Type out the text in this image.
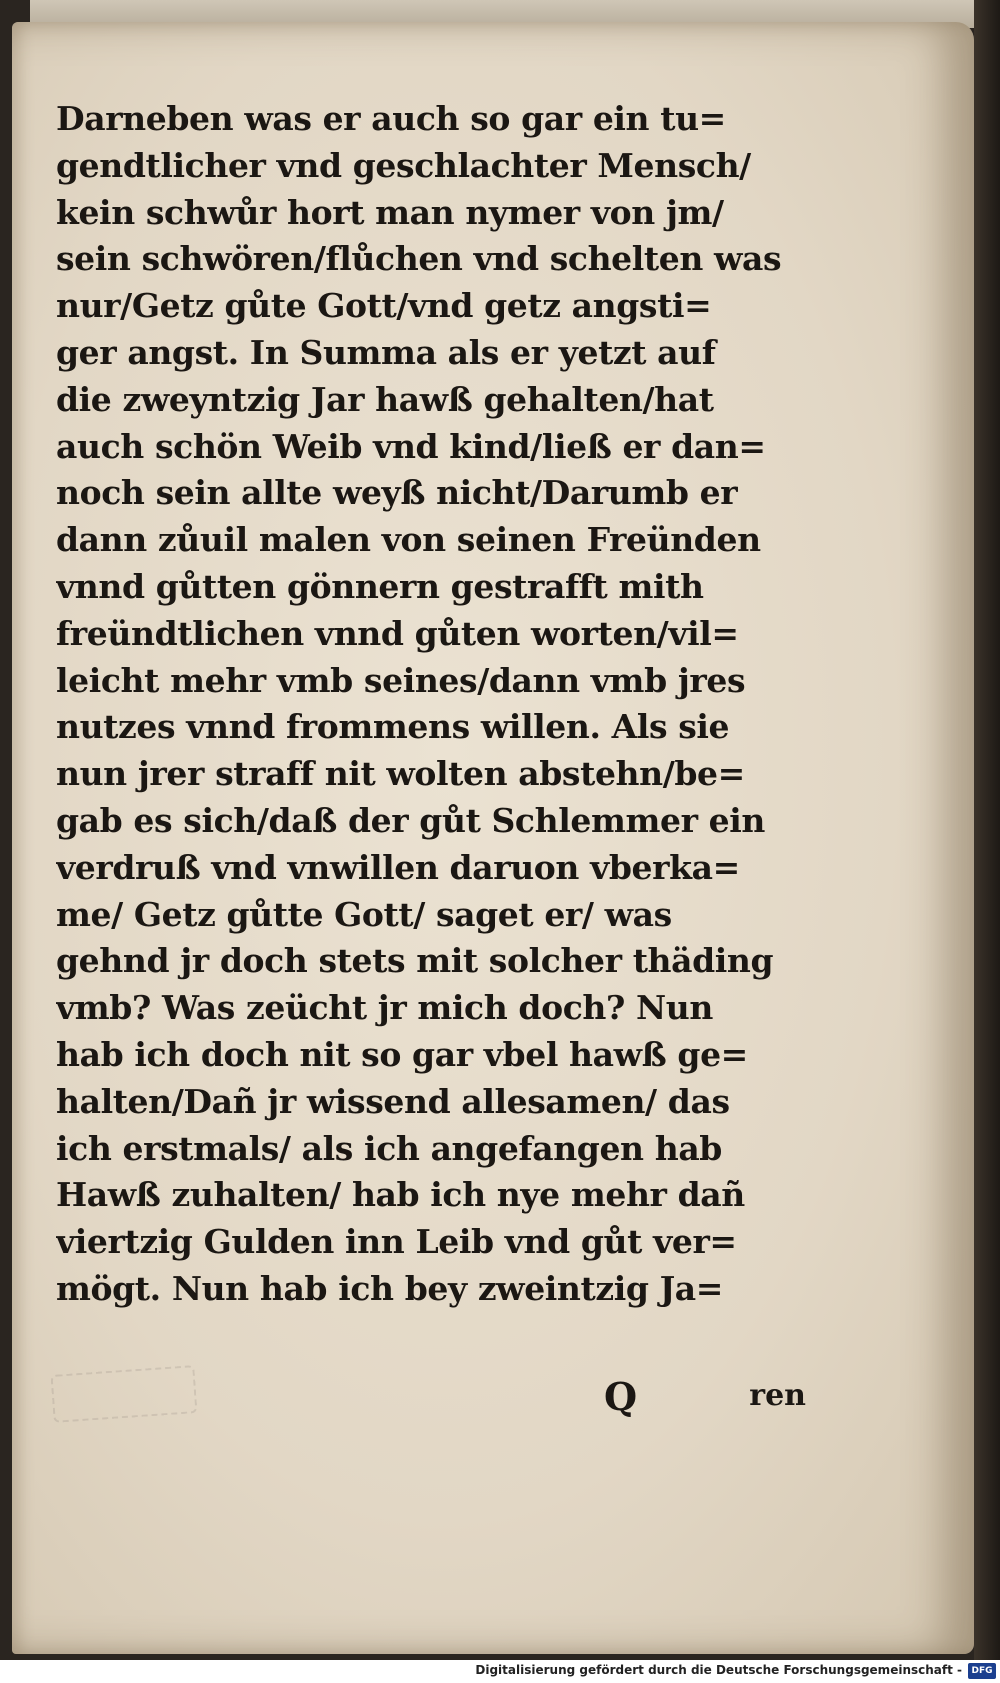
Darneben was er auch so gar ein tu=
gendtlicher vnd geschlachter Mensch/
kein schwůr hort man nymer von jm/
sein schwören/flůchen vnd schelten was
nur/Getz gůte Gott/vnd getz angsti=
ger angst. In Summa als er yetzt auf
die zweyntzig Jar hawß gehalten/hat
auch schön Weib vnd kind/ließ er dan=
noch sein allte weyß nicht/Darumb er
dann zůuil malen von seinen Freünden
vnnd gůtten gönnern gestrafft mith
freündtlichen vnnd gůten worten/vil=
leicht mehr vmb seines/dann vmb jres
nutzes vnnd frommens willen. Als sie
nun jrer straff nit wolten abstehn/be=
gab es sich/daß der gůt Schlemmer ein
verdruß vnd vnwillen daruon vberka=
me/ Getz gůtte Gott/ saget er/ was
gehnd jr doch stets mit solcher thäding
vmb? Was zeücht jr mich doch? Nun
hab ich doch nit so gar vbel hawß ge=
halten/Dañ jr wissend allesamen/ das
ich erstmals/ als ich angefangen hab
Hawß zuhalten/ hab ich nye mehr dañ
viertzig Gulden inn Leib vnd gůt ver=
mögt. Nun hab ich bey zweintzig Ja=
Q	ren
Digitalisierung gefördert durch die Deutsche Forschungsgemeinschaft -	DFG
